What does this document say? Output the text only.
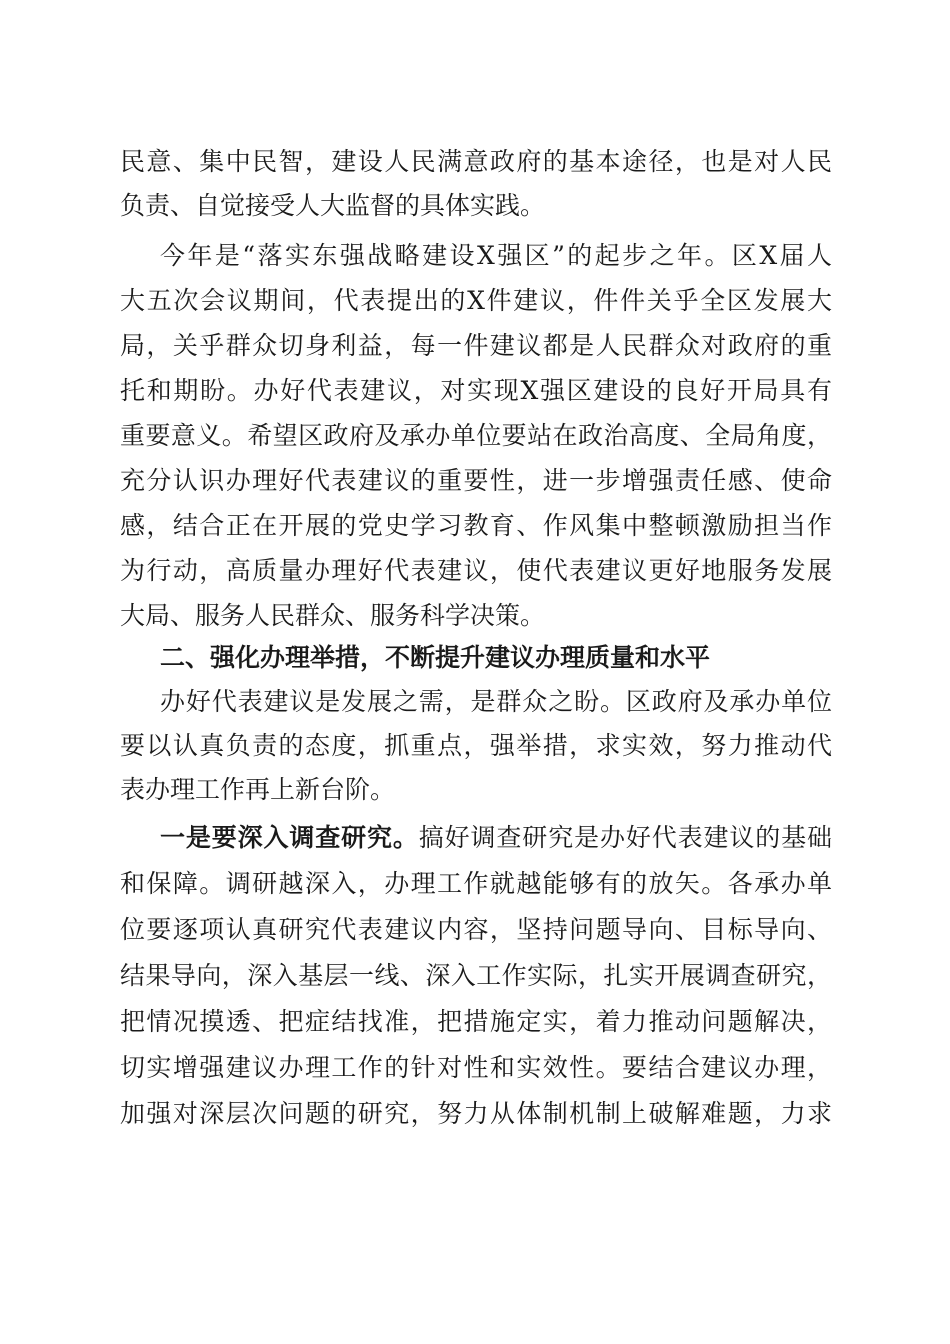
民意、集中民智，建设人民满意政府的基本途径，也是对人民
负责、自觉接受人大监督的具体实践。
今年是“落实东强战略建设X强区”的起步之年。区X届人
大五次会议期间，代表提出的X件建议，件件关乎全区发展大
局，关乎群众切身利益，每一件建议都是人民群众对政府的重
托和期盼。办好代表建议，对实现X强区建设的良好开局具有
重要意义。希望区政府及承办单位要站在政治高度、全局角度，
充分认识办理好代表建议的重要性，进一步增强责任感、使命
感，结合正在开展的党史学习教育、作风集中整顿激励担当作
为行动，高质量办理好代表建议，使代表建议更好地服务发展
大局、服务人民群众、服务科学决策。
二、强化办理举措，不断提升建议办理质量和水平
办好代表建议是发展之需，是群众之盼。区政府及承办单位
要以认真负责的态度，抓重点，强举措，求实效，努力推动代
表办理工作再上新台阶。
一是要深入调查研究。搞好调查研究是办好代表建议的基础
和保障。调研越深入，办理工作就越能够有的放矢。各承办单
位要逐项认真研究代表建议内容，坚持问题导向、目标导向、
结果导向，深入基层一线、深入工作实际，扎实开展调查研究，
把情况摸透、把症结找准，把措施定实，着力推动问题解决，
切实增强建议办理工作的针对性和实效性。要结合建议办理，
加强对深层次问题的研究，努力从体制机制上破解难题，力求
